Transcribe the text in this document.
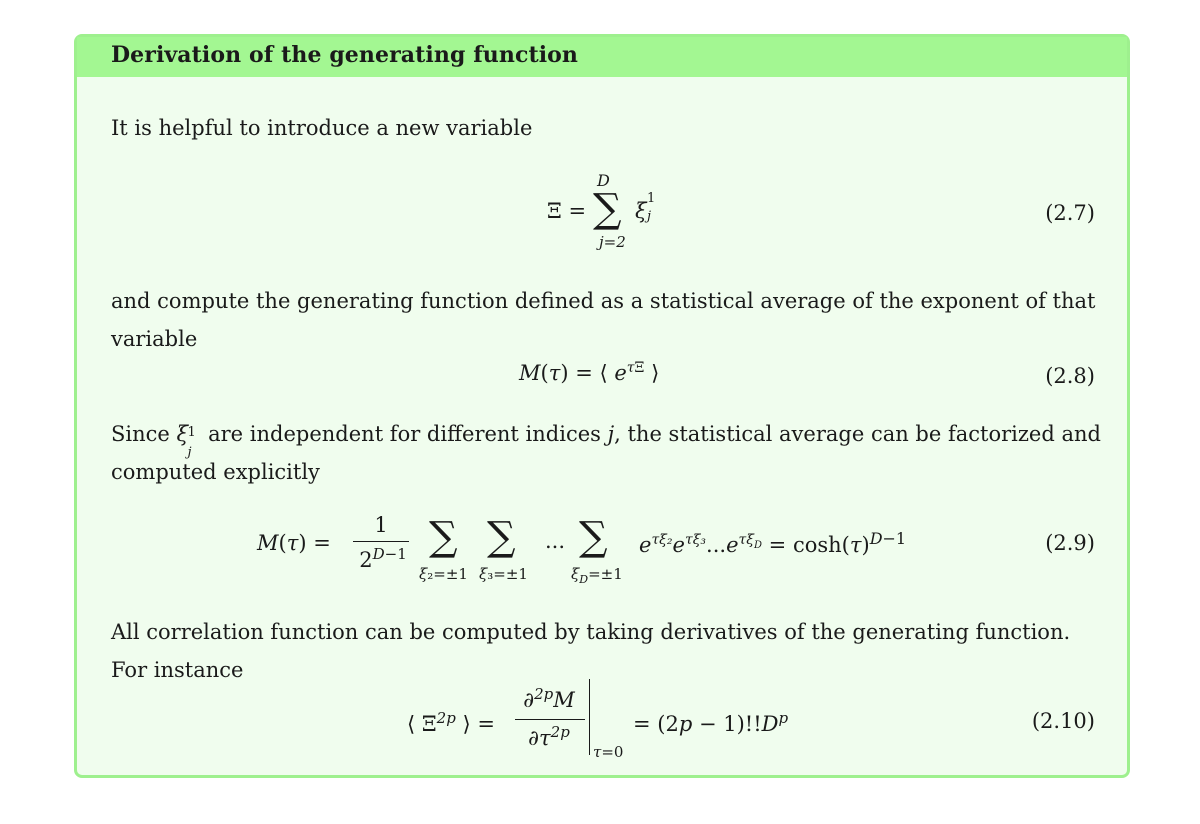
Derivation of the generating function
It is helpful to introduce a new variable
Ξ =
D
∑
j=2
ξ
1
j	(2.7)
and compute the generating function defined as a statistical average of the exponent of that variable
M(τ) = ⟨ $e^{\tau\Xi}$ ⟩	(2.8)
Since ξ 1
j
are independent for different indices j, the statistical average can be factorized and computed explicitly
M(τ) =
1
$2^{D-1}$ ∑ ∑ ... ∑
ξ₂=±1 ξ₃=±1	$\xi_D=\pm 1$
$e^{\tau\xi_2}e^{\tau\xi_3}...e^{\tau\xi_D} = \cosh(\tau)^{D-1}$	(2.9)
All correlation function can be computed by taking derivatives of the generating function. For instance
⟨ $\Xi^{2p}$ ⟩ =
∂$^{2p}$M
$\partial\tau^{2p}$
τ=0
= $(2p - 1)!!D^p$	(2.10)
